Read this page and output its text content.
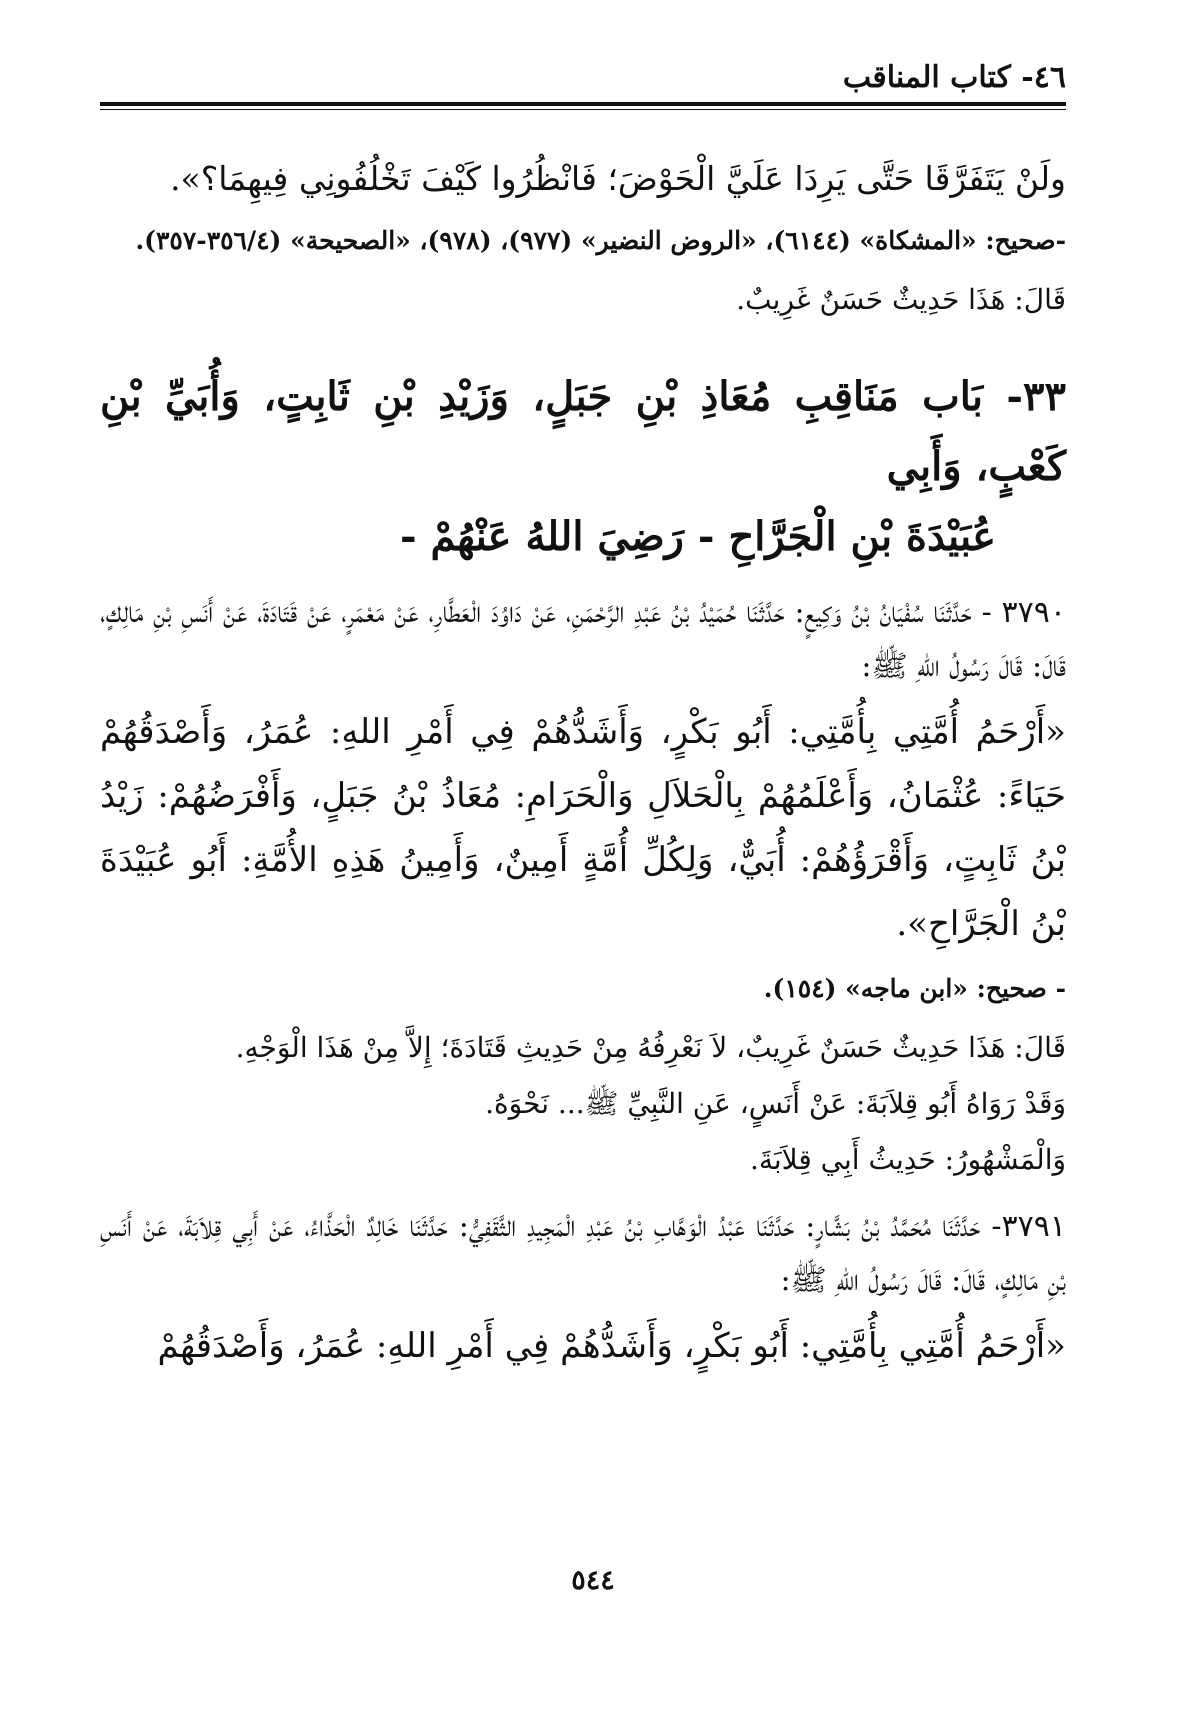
٤٦- كتاب المناقب

ولَنْ يَتَفَرَّقَا حَتَّى يَرِدَا عَلَيَّ الْحَوْضَ؛ فَانْظُرُوا كَيْفَ تَخْلُفُونِي فِيهِمَا؟».

-صحيح: «المشكاة» (٦١٤٤)، «الروض النضير» (٩٧٧)، (٩٧٨)، «الصحيحة» (٣٥٦/٤-٣٥٧).

قَالَ: هَذَا حَدِيثٌ حَسَنٌ غَرِيبٌ.

٣٣- بَاب مَنَاقِبِ مُعَاذِ بْنِ جَبَلٍ، وَزَيْدِ بْنِ ثَابِتٍ، وَأُبَيِّ بْنِ كَعْبٍ، وَأَبِي
عُبَيْدَةَ بْنِ الْجَرَّاحِ - رَضِيَ اللهُ عَنْهُمْ -

٣٧٩٠ - حَدَّثَنَا سُفْيَانُ بْنُ وَكِيعٍ: حَدَّثَنَا حُمَيْدُ بْنُ عَبْدِ الرَّحْمَنِ، عَنْ دَاوُدَ الْعَطَّارِ، عَنْ مَعْمَرٍ، عَنْ قَتَادَةَ، عَنْ أَنَسِ بْنِ مَالِكٍ، قَالَ: قَالَ رَسُولُ اللهِ ﷺ:

«أَرْحَمُ أُمَّتِي بِأُمَّتِي: أَبُو بَكْرٍ، وَأَشَدُّهُمْ فِي أَمْرِ اللهِ: عُمَرُ، وَأَصْدَقُهُمْ حَيَاءً: عُثْمَانُ، وَأَعْلَمُهُمْ بِالْحَلاَلِ وَالْحَرَامِ: مُعَاذُ بْنُ جَبَلٍ، وَأَفْرَضُهُمْ: زَيْدُ بْنُ ثَابِتٍ، وَأَقْرَؤُهُمْ: أُبَيٌّ، وَلِكُلِّ أُمَّةٍ أَمِينٌ، وَأَمِينُ هَذِهِ الأُمَّةِ: أَبُو عُبَيْدَةَ بْنُ الْجَرَّاحِ».

- صحيح: «ابن ماجه» (١٥٤).

قَالَ: هَذَا حَدِيثٌ حَسَنٌ غَرِيبٌ، لاَ نَعْرِفُهُ مِنْ حَدِيثِ قَتَادَةَ؛ إِلاَّ مِنْ هَذَا الْوَجْهِ.

وَقَدْ رَوَاهُ أَبُو قِلاَبَةَ: عَنْ أَنَسٍ، عَنِ النَّبِيِّ ﷺ... نَحْوَهُ.

وَالْمَشْهُورُ: حَدِيثُ أَبِي قِلاَبَةَ.

٣٧٩١- حَدَّثَنَا مُحَمَّدُ بْنُ بَشَّارٍ: حَدَّثَنَا عَبْدُ الْوَهَّابِ بْنُ عَبْدِ الْمَجِيدِ الثَّقَفِيُّ: حَدَّثَنَا خَالِدٌ الْحَذَّاءُ، عَنْ أَبِي قِلاَبَةَ، عَنْ أَنَسِ بْنِ مَالِكٍ، قَالَ: قَالَ رَسُولُ اللهِ ﷺ:

«أَرْحَمُ أُمَّتِي بِأُمَّتِي: أَبُو بَكْرٍ، وَأَشَدُّهُمْ فِي أَمْرِ اللهِ: عُمَرُ، وَأَصْدَقُهُمْ

٥٤٤
